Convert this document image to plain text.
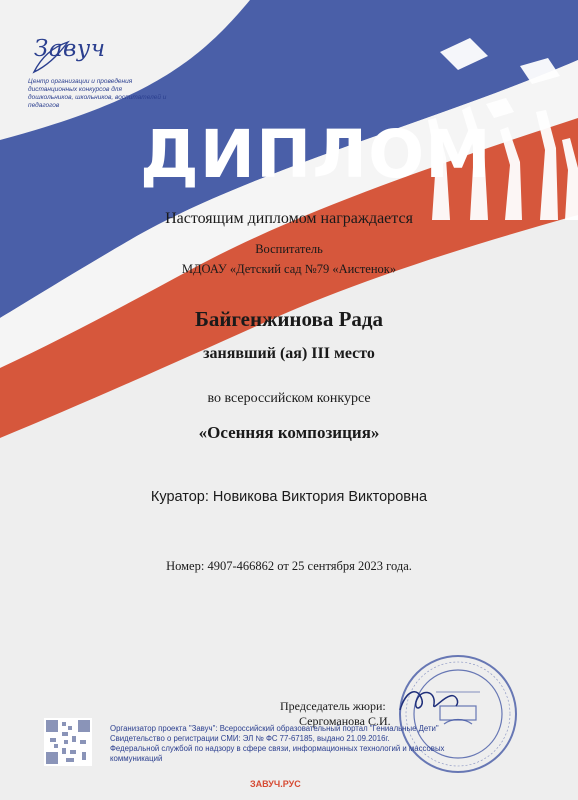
Завуч
Центр организации и проведения дистанционных конкурсов для дошкольников, школьников, воспитателей и педагогов
ДИПЛОМ
Настоящим дипломом награждается
Воспитатель
МДОАУ «Детский сад №79 «Аистенок»
Байгенжинова Рада
занявший (ая) III место
во всероссийском конкурсе
«Осенняя композиция»
Куратор: Новикова Виктория Викторовна
Номер: 4907-466862 от 25 сентября 2023 года.
Председатель жюри:
Сергоманова С.И.
Организатор проекта "Завуч": Всероссийский образовательный портал "Гениальные Дети"
Свидетельство о регистрации СМИ: ЭЛ № ФС 77-67185, выдано 21.09.2016г.
Федеральной службой по надзору в сфере связи, информационных технологий и массовых коммуникаций
ЗАВУЧ.РУС
